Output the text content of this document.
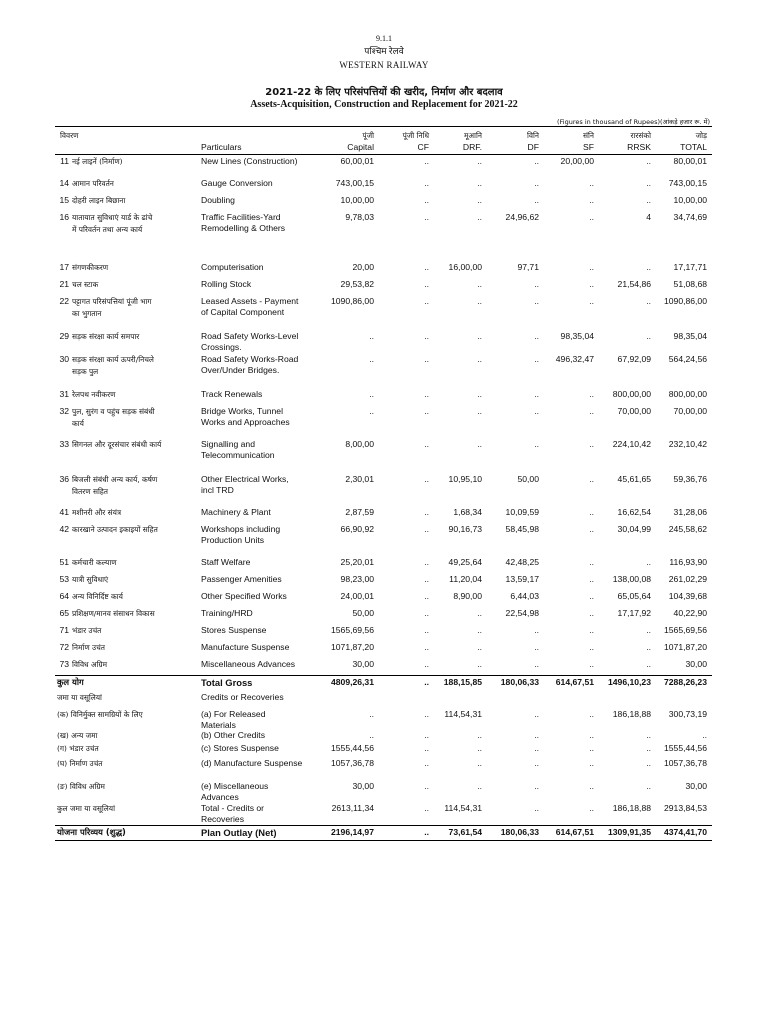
9.1.1
पश्चिम रेलवे
WESTERN RAILWAY
2021-22 के लिए परिसंपत्तियों की खरीद, निर्माण और बदलाव
Assets-Acquisition, Construction and Replacement for 2021-22
(Figures in thousand of Rupees)(आंकड़े हजार रू. में)
विवरण
Particulars
पूंजी
Capital
पूंजी निधि
CF
मूआनि
DRF.
विनि
DF
संनि
SF
रारसंको
RRSK
जोड़
TOTAL
11 नई लाइनें (निर्माण)	New Lines (Construction)	60,00,01	..	..	..	20,00,00	..	80,00,01
14 आमान परिवर्तन	Gauge Conversion	743,00,15	..	..	..	..	.. 743,00,15
15 दोहरी लाइन बिछाना	Doubling	10,00,00	..	..	..	..	..	10,00,00
16 यातायात सुविधाएं यार्ड के ढांचे
में परिवर्तन तथा अन्य कार्य
Traffic Facilities-Yard
Remodelling & Others
9,78,03	..	..	24,96,62	..	4	34,74,69
17 संगणकीकरण	Computerisation	20,00	.. 16,00,00	97,71	..	..	17,17,71
21 चल स्टाक	Rolling Stock	29,53,82	..	..	..	..	21,54,86	51,08,68
22 पट्टागत परिसंपत्तियां पूंजी भाग
का भुगतान
Leased Assets - Payment
of Capital Component
1090,86,00	..	..	..	..	.. 1090,86,00
29 सड़क संरक्षा कार्य समपार	Road Safety Works-Level
Crossings.
..	..	..	..	98,35,04	..	98,35,04
30 सड़क संरक्षा कार्य ऊपरी/निचले
सड़क पुल
Road Safety Works-Road
Over/Under Bridges.
..	..	..	.. 496,32,47	67,92,09 564,24,56
31 रेलपथ नवीकरण	Track Renewals	..	..	..	..	.. 800,00,00 800,00,00
32 पुल, सुरंग व पहुंच सड़क संबंधी
कार्य
Bridge Works, Tunnel
Works and Approaches
..	..	..	..	..	70,00,00	70,00,00
33 सिगनल और दूरसंचार संबंधी कार्य	Signalling and
Telecommunication
8,00,00	..	..	..	.. 224,10,42 232,10,42
36 बिजली संबंधी अन्य कार्य, कर्षण
वितरण सहित
Other Electrical Works,
incl TRD
2,30,01	.. 10,95,10	50,00	..	45,61,65	59,36,76
41 मशीनरी और संयंत्र	Machinery & Plant	2,87,59	..	1,68,34	10,09,59	..	16,62,54	31,28,06
42 कारखाने उत्पादन इकाइयों सहित	Workshops including
Production Units
66,90,92	.. 90,16,73	58,45,98	..	30,04,99 245,58,62
51 कर्मचारी कल्याण	Staff Welfare	25,20,01	.. 49,25,64	42,48,25	..	.. 116,93,90
53 यात्री सुविधाएं	Passenger Amenities	98,23,00	.. 11,20,04	13,59,17	.. 138,00,08 261,02,29
64 अन्य विनिर्दिष्ट कार्य	Other Specified Works	24,00,01	..	8,90,00	6,44,03	..	65,05,64 104,39,68
65 प्रशिक्षण/मानव संसाधन विकास	Training/HRD	50,00	..	..	22,54,98	..	17,17,92	40,22,90
71 भंडार उचंत	Stores Suspense	1565,69,56	..	..	..	..	.. 1565,69,56
72 निर्माण उचंत	Manufacture Suspense	1071,87,20	..	..	..	..	.. 1071,87,20
73 विविध अग्रिम	Miscellaneous Advances	30,00	..	..	..	..	..	30,00
कुल योग	Total Gross	4809,26,31	.. 188,15,85 180,06,33 614,67,51 1496,10,23 7288,26,23
जमा या वसूलियां	Credits or Recoveries
(क) विनिर्मुक्त सामग्रियों के लिए	(a) For Released
Materials
..	.. 114,54,31	..	.. 186,18,88 300,73,19
(ख) अन्य जमा	(b) Other Credits	..	..	..	..	..	..	..
(ग) भंडार उचंत	(c) Stores Suspense	1555,44,56	..	..	..	..	.. 1555,44,56
(घ) निर्माण उचंत	(d) Manufacture Suspense	1057,36,78	..	..	..	..	.. 1057,36,78
(ङ) विविध अग्रिम	(e) Miscellaneous
Advances
30,00	..	..	..	..	..	30,00
कुल जमा या वसूलियां	Total - Credits or
Recoveries
2613,11,34	.. 114,54,31	..	.. 186,18,88 2913,84,53
योजना परिव्यय (शुद्ध)	Plan Outlay (Net)	2196,14,97	.. 73,61,54 180,06,33 614,67,51 1309,91,35 4374,41,70
